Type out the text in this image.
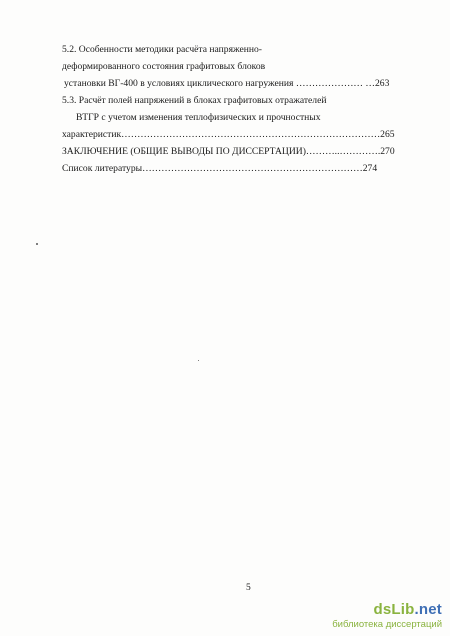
5.2. Особенности методики расчёта напряженно-
деформированного состояния графитовых блоков
установки ВГ-400 в условиях циклического нагружения ………………… …263
5.3. Расчёт полей напряжений в блоках графитовых отражателей
ВТГР с учетом изменения теплофизических и прочностных
характеристик………………………………………………………………………265
ЗАКЛЮЧЕНИЕ (ОБЩИЕ ВЫВОДЫ ПО ДИССЕРТАЦИИ)………..………….270
Список литературы……………………………………………………………274
5
dsLib.net
библиотека диссертаций
